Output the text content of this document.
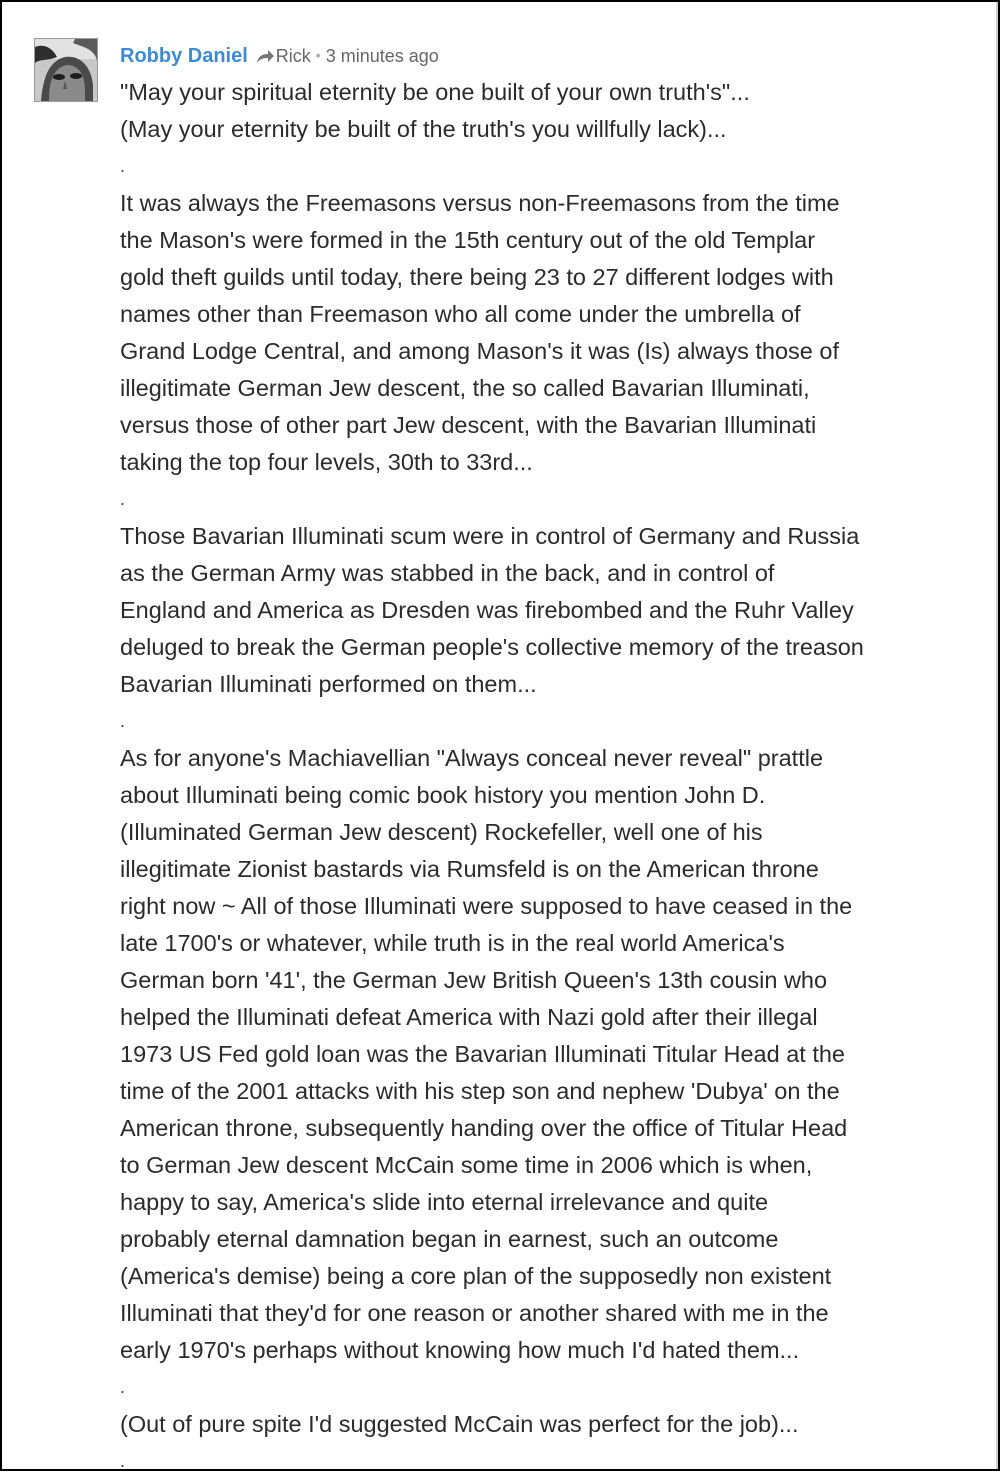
Robby Daniel Rick • 3 minutes ago
"May your spiritual eternity be one built of your own truth's"...
(May your eternity be built of the truth's you willfully lack)...
.
It was always the Freemasons versus non-Freemasons from the time
the Mason's were formed in the 15th century out of the old Templar
gold theft guilds until today, there being 23 to 27 different lodges with
names other than Freemason who all come under the umbrella of
Grand Lodge Central, and among Mason's it was (Is) always those of
illegitimate German Jew descent, the so called Bavarian Illuminati,
versus those of other part Jew descent, with the Bavarian Illuminati
taking the top four levels, 30th to 33rd...
.
Those Bavarian Illuminati scum were in control of Germany and Russia
as the German Army was stabbed in the back, and in control of
England and America as Dresden was firebombed and the Ruhr Valley
deluged to break the German people's collective memory of the treason
Bavarian Illuminati performed on them...
.
As for anyone's Machiavellian "Always conceal never reveal" prattle
about Illuminati being comic book history you mention John D.
(Illuminated German Jew descent) Rockefeller, well one of his
illegitimate Zionist bastards via Rumsfeld is on the American throne
right now ~ All of those Illuminati were supposed to have ceased in the
late 1700's or whatever, while truth is in the real world America's
German born '41', the German Jew British Queen's 13th cousin who
helped the Illuminati defeat America with Nazi gold after their illegal
1973 US Fed gold loan was the Bavarian Illuminati Titular Head at the
time of the 2001 attacks with his step son and nephew 'Dubya' on the
American throne, subsequently handing over the office of Titular Head
to German Jew descent McCain some time in 2006 which is when,
happy to say, America's slide into eternal irrelevance and quite
probably eternal damnation began in earnest, such an outcome
(America's demise) being a core plan of the supposedly non existent
Illuminati that they'd for one reason or another shared with me in the
early 1970's perhaps without knowing how much I'd hated them...
.
(Out of pure spite I'd suggested McCain was perfect for the job)...
.
